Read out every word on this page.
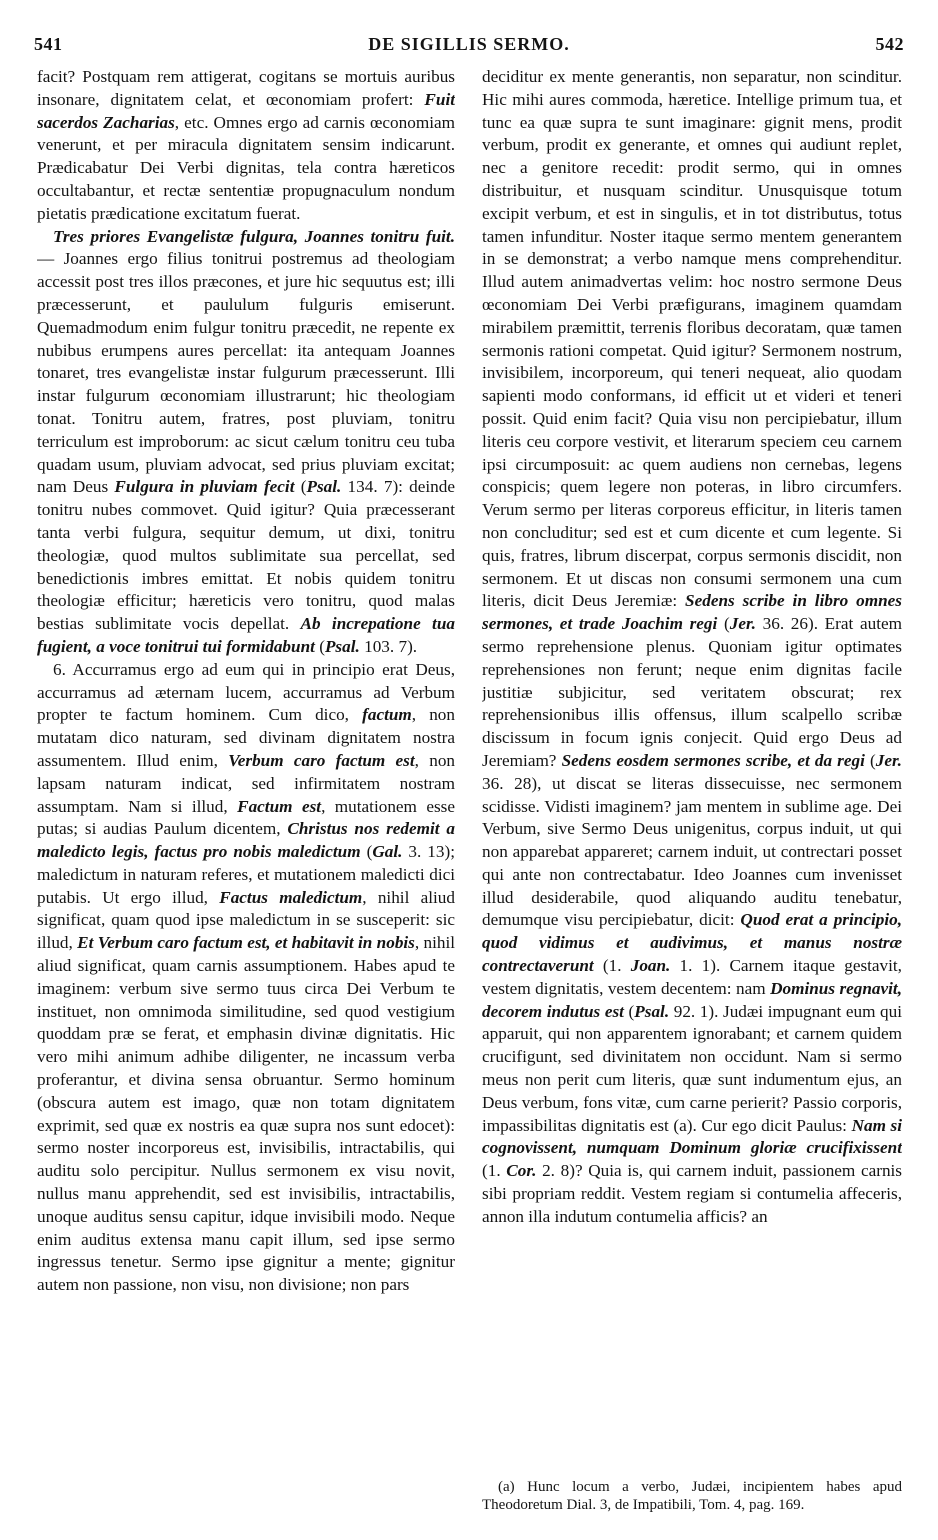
541	DE SIGILLIS SERMO.	542

facit? Postquam rem attigerat, cogitans se mortuis auribus insonare, dignitatem celat, et œconomiam profert: Fuit sacerdos Zacharias, etc. Omnes ergo ad carnis œconomiam venerunt, et per miracula dignitatem sensim indicarunt. Prædicabatur Dei Verbi dignitas, tela contra hæreticos occultabantur, et rectæ sententiæ propugnaculum nondum pietatis prædicatione excitatum fuerat.

Tres priores Evangelistæ fulgura, Joannes tonitru fuit. — Joannes ergo filius tonitrui postremus ad theologiam accessit post tres illos præcones, et jure hic sequutus est; illi præcesserunt, et paululum fulguris emiserunt. Quemadmodum enim fulgur tonitru præcedit, ne repente ex nubibus erumpens aures percellat: ita antequam Joannes tonaret, tres evangelistæ instar fulgurum præcesserunt. Illi instar fulgurum œconomiam illustrarunt; hic theologiam tonat. Tonitru autem, fratres, post pluviam, tonitru terriculum est improborum: ac sicut cælum tonitru ceu tuba quadam usum, pluviam advocat, sed prius pluviam excitat; nam Deus Fulgura in pluviam fecit (Psal. 134. 7): deinde tonitru nubes commovet. Quid igitur? Quia præcesserant tanta verbi fulgura, sequitur demum, ut dixi, tonitru theologiæ, quod multos sublimitate sua percellat, sed benedictionis imbres emittat. Et nobis quidem tonitru theologiæ efficitur; hæreticis vero tonitru, quod malas bestias sublimitate vocis depellat. Ab increpatione tua fugient, a voce tonitrui tui formidabunt (Psal. 103. 7).

6. Accurramus ergo ad eum qui in principio erat Deus, accurramus ad æternam lucem, accurramus ad Verbum propter te factum hominem. Cum dico, factum, non mutatam dico naturam, sed divinam dignitatem nostra assumentem. Illud enim, Verbum caro factum est, non lapsam naturam indicat, sed infirmitatem nostram assumptam. Nam si illud, Factum est, mutationem esse putas; si audias Paulum dicentem, Christus nos redemit a maledicto legis, factus pro nobis maledictum (Gal. 3. 13); maledictum in naturam referes, et mutationem maledicti dici putabis. Ut ergo illud, Factus maledictum, nihil aliud significat, quam quod ipse maledictum in se susceperit: sic illud, Et Verbum caro factum est, et habitavit in nobis, nihil aliud significat, quam carnis assumptionem. Habes apud te imaginem: verbum sive sermo tuus circa Dei Verbum te instituet, non omnimoda similitudine, sed quod vestigium quoddam præ se ferat, et emphasin divinæ dignitatis. Hic vero mihi animum adhibe diligenter, ne incassum verba proferantur, et divina sensa obruantur. Sermo hominum (obscura autem est imago, quæ non totam dignitatem exprimit, sed quæ ex nostris ea quæ supra nos sunt edocet): sermo noster incorporeus est, invisibilis, intractabilis, qui auditu solo percipitur. Nullus sermonem ex visu novit, nullus manu apprehendit, sed est invisibilis, intractabilis, unoque auditus sensu capitur, idque invisibili modo. Neque enim auditus extensa manu capit illum, sed ipse sermo ingressus tenetur. Sermo ipse gignitur a mente; gignitur autem non passione, non visu, non divisione; non pars

deciditur ex mente generantis, non separatur, non scinditur. Hic mihi aures commoda, hæretice. Intellige primum tua, et tunc ea quæ supra te sunt imaginare: gignit mens, prodit verbum, prodit ex generante, et omnes qui audiunt replet, nec a genitore recedit: prodit sermo, qui in omnes distribuitur, et nusquam scinditur. Unusquisque totum excipit verbum, et est in singulis, et in tot distributus, totus tamen infunditur. Noster itaque sermo mentem generantem in se demonstrat; a verbo namque mens comprehenditur. Illud autem animadvertas velim: hoc nostro sermone Deus œconomiam Dei Verbi præfigurans, imaginem quamdam mirabilem præmittit, terrenis floribus decoratam, quæ tamen sermonis rationi competat. Quid igitur? Sermonem nostrum, invisibilem, incorporeum, qui teneri nequeat, alio quodam sapienti modo conformans, id efficit ut et videri et teneri possit. Quid enim facit? Quia visu non percipiebatur, illum literis ceu corpore vestivit, et literarum speciem ceu carnem ipsi circumposuit: ac quem audiens non cernebas, legens conspicis; quem legere non poteras, in libro circumfers. Verum sermo per literas corporeus efficitur, in literis tamen non concluditur; sed est et cum dicente et cum legente. Si quis, fratres, librum discerpat, corpus sermonis discidit, non sermonem. Et ut discas non consumi sermonem una cum literis, dicit Deus Jeremiæ: Sedens scribe in libro omnes sermones, et trade Joachim regi (Jer. 36. 26). Erat autem sermo reprehensione plenus. Quoniam igitur optimates reprehensiones non ferunt; neque enim dignitas facile justitiæ subjicitur, sed veritatem obscurat; rex reprehensionibus illis offensus, illum scalpello scribæ discissum in focum ignis conjecit. Quid ergo Deus ad Jeremiam? Sedens eosdem sermones scribe, et da regi (Jer. 36. 28), ut discat se literas dissecuisse, nec sermonem scidisse. Vidisti imaginem? jam mentem in sublime age. Dei Verbum, sive Sermo Deus unigenitus, corpus induit, ut qui non apparebat appareret; carnem induit, ut contrectari posset qui ante non contrectabatur. Ideo Joannes cum invenisset illud desiderabile, quod aliquando auditu tenebatur, demumque visu percipiebatur, dicit: Quod erat a principio, quod vidimus et audivimus, et manus nostræ contrectaverunt (1. Joan. 1. 1). Carnem itaque gestavit, vestem dignitatis, vestem decentem: nam Dominus regnavit, decorem indutus est (Psal. 92. 1). Judæi impugnant eum qui apparuit, qui non apparentem ignorabant; et carnem quidem crucifigunt, sed divinitatem non occidunt. Nam si sermo meus non perit cum literis, quæ sunt indumentum ejus, an Deus verbum, fons vitæ, cum carne perierit? Passio corporis, impassibilitas dignitatis est (a). Cur ego dicit Paulus: Nam si cognovissent, numquam Dominum gloriæ crucifixissent (1. Cor. 2. 8)? Quia is, qui carnem induit, passionem carnis sibi propriam reddit. Vestem regiam si contumelia affeceris, annon illa indutum contumelia afficis? an

(a) Hunc locum a verbo, Judæi, incipientem habes apud Theodoretum Dial. 3, de Impatibili, Tom. 4, pag. 169.
